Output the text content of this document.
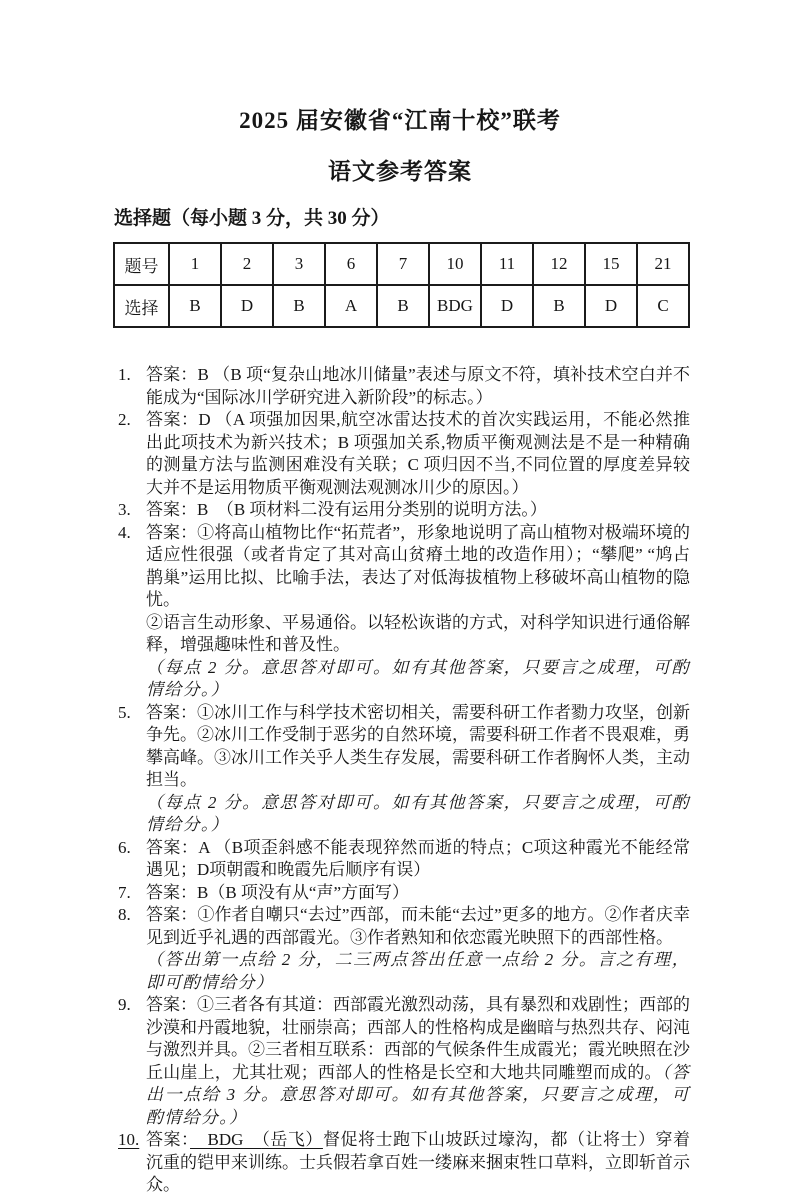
2025 届安徽省“江南十校”联考
语文参考答案
选择题（每小题 3 分，共 30 分）
题号	1	2	3	6	7	10	11	12	15	21
选择	B	D	B	A	B	BDG	D	B	D	C
1. 答案：B （B 项“复杂山地冰川储量”表述与原文不符，填补技术空白并不能成为“国际冰川学研究进入新阶段”的标志。）
2. 答案：D （A 项强加因果,航空冰雷达技术的首次实践运用，不能必然推出此项技术为新兴技术；B 项强加关系,物质平衡观测法是不是一种精确的测量方法与监测困难没有关联；C 项归因不当,不同位置的厚度差异较大并不是运用物质平衡观测法观测冰川少的原因。）
3. 答案：B　（B 项材料二没有运用分类别的说明方法。）
4. 答案：①将高山植物比作“拓荒者”，形象地说明了高山植物对极端环境的适应性很强（或者肯定了其对高山贫瘠土地的改造作用）；“攀爬” “鸠占鹊巢”运用比拟、比喻手法，表达了对低海拔植物上移破坏高山植物的隐忧。
②语言生动形象、平易通俗。以轻松诙谐的方式，对科学知识进行通俗解释，增强趣味性和普及性。
（每点 2 分。意思答对即可。如有其他答案，只要言之成理，可酌情给分。）
5. 答案：①冰川工作与科学技术密切相关，需要科研工作者勠力攻坚，创新争先。②冰川工作受制于恶劣的自然环境，需要科研工作者不畏艰难，勇攀高峰。③冰川工作关乎人类生存发展，需要科研工作者胸怀人类，主动担当。
（每点 2 分。意思答对即可。如有其他答案，只要言之成理，可酌情给分。）
6. 答案：A （B项歪斜感不能表现猝然而逝的特点；C项这种霞光不能经常遇见；D项朝霞和晚霞先后顺序有误）
7. 答案：B（B 项没有从“声”方面写）
8. 答案：①作者自嘲只“去过”西部，而未能“去过”更多的地方。②作者庆幸见到近乎礼遇的西部霞光。③作者熟知和依恋霞光映照下的西部性格。
（答出第一点给 2 分，二三两点答出任意一点给 2 分。言之有理，即可酌情给分）
9. 答案：①三者各有其道：西部霞光激烈动荡，具有暴烈和戏剧性；西部的沙漠和丹霞地貌，壮丽崇高；西部人的性格构成是幽暗与热烈共存、闷沌与激烈并具。②三者相互联系：西部的气候条件生成霞光；霞光映照在沙丘山崖上，尤其壮观；西部人的性格是长空和大地共同雕塑而成的。（答出一点给 3 分。意思答对即可。如有其他答案，只要言之成理，可酌情给分。）
10. 答案：　BDG　（岳飞）督促将士跑下山坡跃过壕沟，都（让将士）穿着沉重的铠甲来训练。士兵假若拿百姓一缕麻来捆束牲口草料，立即斩首示众。
